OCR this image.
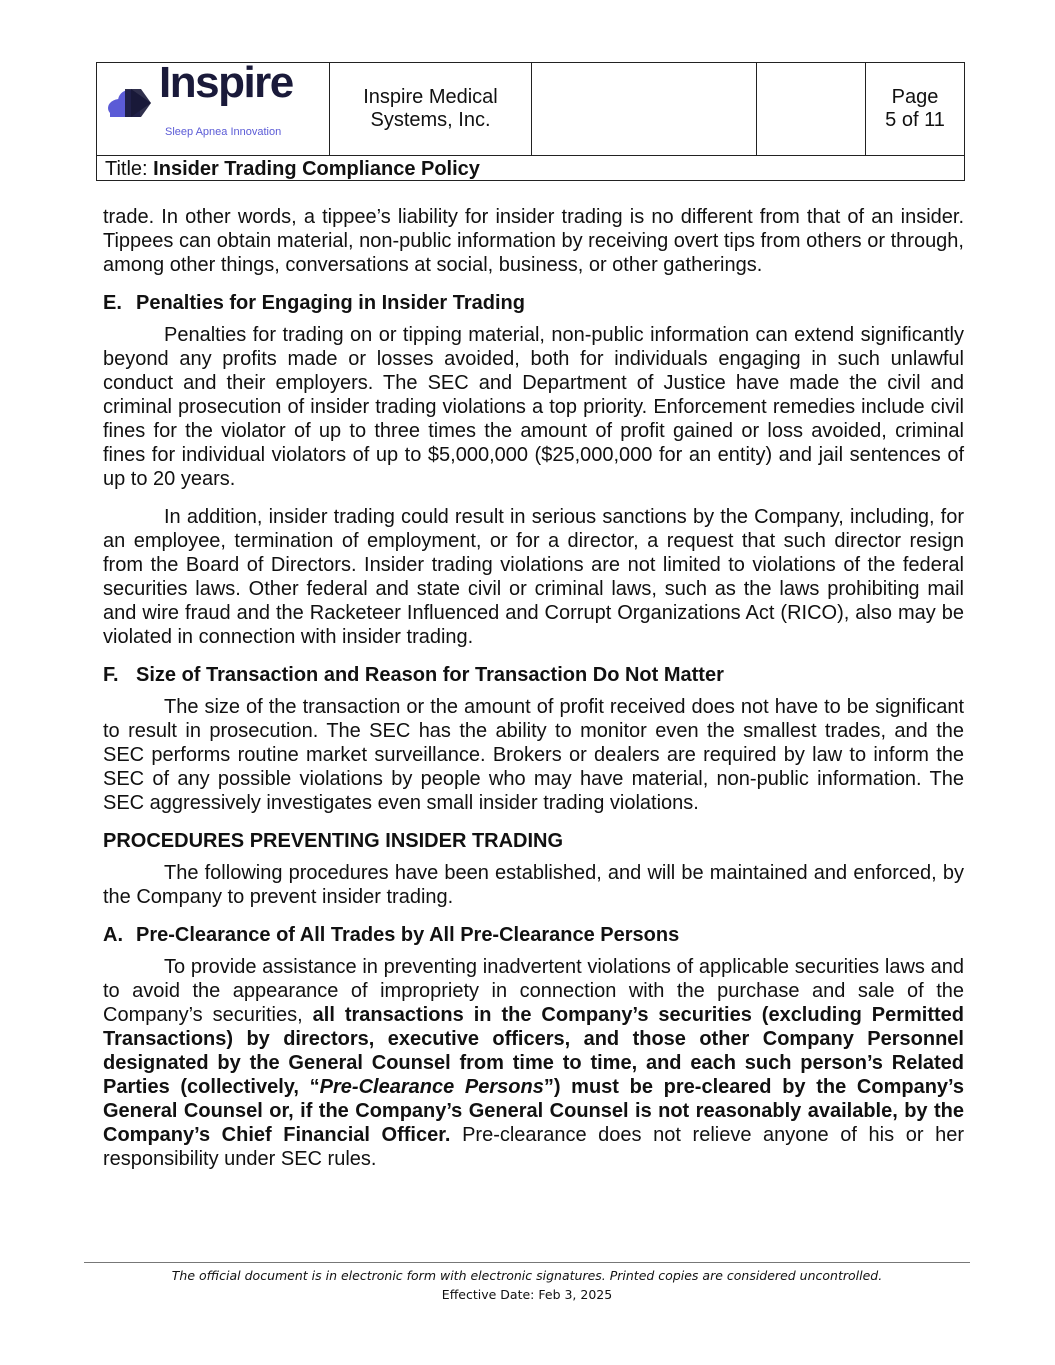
Inspire
Sleep Apnea Innovation
Inspire Medical Systems, Inc.
Page
5 of 11
Title: Insider Trading Compliance Policy

trade. In other words, a tippee’s liability for insider trading is no different from that of an insider. Tippees can obtain material, non-public information by receiving overt tips from others or through, among other things, conversations at social, business, or other gatherings.

E. Penalties for Engaging in Insider Trading

Penalties for trading on or tipping material, non-public information can extend significantly beyond any profits made or losses avoided, both for individuals engaging in such unlawful conduct and their employers. The SEC and Department of Justice have made the civil and criminal prosecution of insider trading violations a top priority. Enforcement remedies include civil fines for the violator of up to three times the amount of profit gained or loss avoided, criminal fines for individual violators of up to $5,000,000 ($25,000,000 for an entity) and jail sentences of up to 20 years.

In addition, insider trading could result in serious sanctions by the Company, including, for an employee, termination of employment, or for a director, a request that such director resign from the Board of Directors. Insider trading violations are not limited to violations of the federal securities laws. Other federal and state civil or criminal laws, such as the laws prohibiting mail and wire fraud and the Racketeer Influenced and Corrupt Organizations Act (RICO), also may be violated in connection with insider trading.

F. Size of Transaction and Reason for Transaction Do Not Matter

The size of the transaction or the amount of profit received does not have to be significant to result in prosecution. The SEC has the ability to monitor even the smallest trades, and the SEC performs routine market surveillance. Brokers or dealers are required by law to inform the SEC of any possible violations by people who may have material, non-public information. The SEC aggressively investigates even small insider trading violations.

PROCEDURES PREVENTING INSIDER TRADING

The following procedures have been established, and will be maintained and enforced, by the Company to prevent insider trading.

A. Pre-Clearance of All Trades by All Pre-Clearance Persons

To provide assistance in preventing inadvertent violations of applicable securities laws and to avoid the appearance of impropriety in connection with the purchase and sale of the Company’s securities, all transactions in the Company’s securities (excluding Permitted Transactions) by directors, executive officers, and those other Company Personnel designated by the General Counsel from time to time, and each such person’s Related Parties (collectively, “Pre-Clearance Persons”) must be pre-cleared by the Company’s General Counsel or, if the Company’s General Counsel is not reasonably available, by the Company’s Chief Financial Officer. Pre-clearance does not relieve anyone of his or her responsibility under SEC rules.

The official document is in electronic form with electronic signatures. Printed copies are considered uncontrolled.
Effective Date: Feb 3, 2025
